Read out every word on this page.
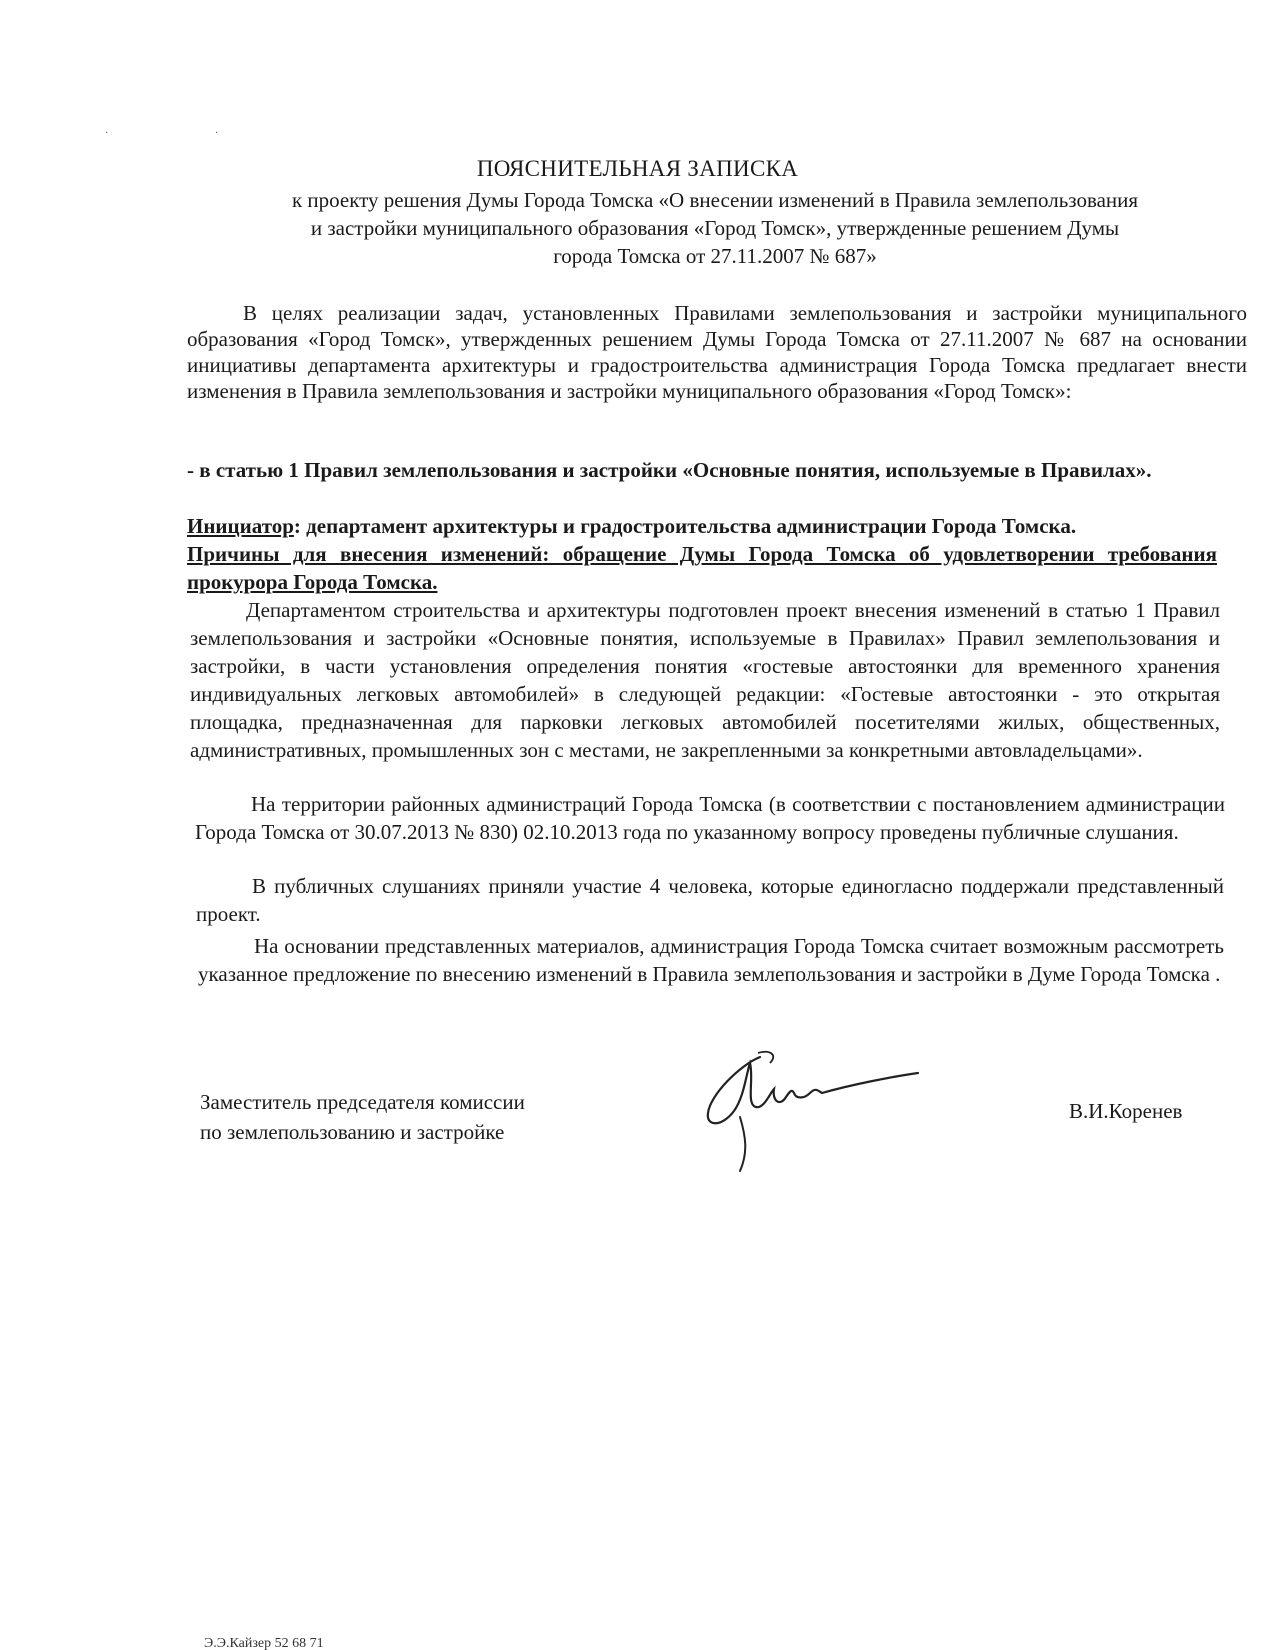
· ·
ПОЯСНИТЕЛЬНАЯ ЗАПИСКА
к проекту решения Думы Города Томска «О внесении изменений в Правила землепользования
и застройки муниципального образования «Город Томск», утвержденные решением Думы
города Томска от 27.11.2007 № 687»
В целях реализации задач, установленных Правилами землепользования и застройки муниципального образования «Город Томск», утвержденных решением Думы Города Томска от 27.11.2007 № 687 на основании инициативы департамента архитектуры и градостроительства администрация Города Томска предлагает внести изменения в Правила землепользования и застройки муниципального образования «Город Томск»:
- в статью 1 Правил землепользования и застройки «Основные понятия, используемые в Правилах».
Инициатор: департамент архитектуры и градостроительства администрации Города Томска.
Причины для внесения изменений: обращение Думы Города Томска об удовлетворении требования прокурора Города Томска.
Департаментом строительства и архитектуры подготовлен проект внесения изменений в статью 1 Правил землепользования и застройки «Основные понятия, используемые в Правилах» Правил землепользования и застройки, в части установления определения понятия «гостевые автостоянки для временного хранения индивидуальных легковых автомобилей» в следующей редакции: «Гостевые автостоянки - это открытая площадка, предназначенная для парковки легковых автомобилей посетителями жилых, общественных, административных, промышленных зон с местами, не закрепленными за конкретными автовладельцами».
На территории районных администраций Города Томска (в соответствии с постановлением администрации Города Томска от 30.07.2013 № 830) 02.10.2013 года по указанному вопросу проведены публичные слушания.
В публичных слушаниях приняли участие 4 человека, которые единогласно поддержали представленный проект.
На основании представленных материалов, администрация Города Томска считает возможным рассмотреть указанное предложение по внесению изменений в Правила землепользования и застройки в Думе Города Томска .
Заместитель председателя комиссии
по землепользованию и застройке
В.И.Коренев
Э.Э.Кайзер 52 68 71
